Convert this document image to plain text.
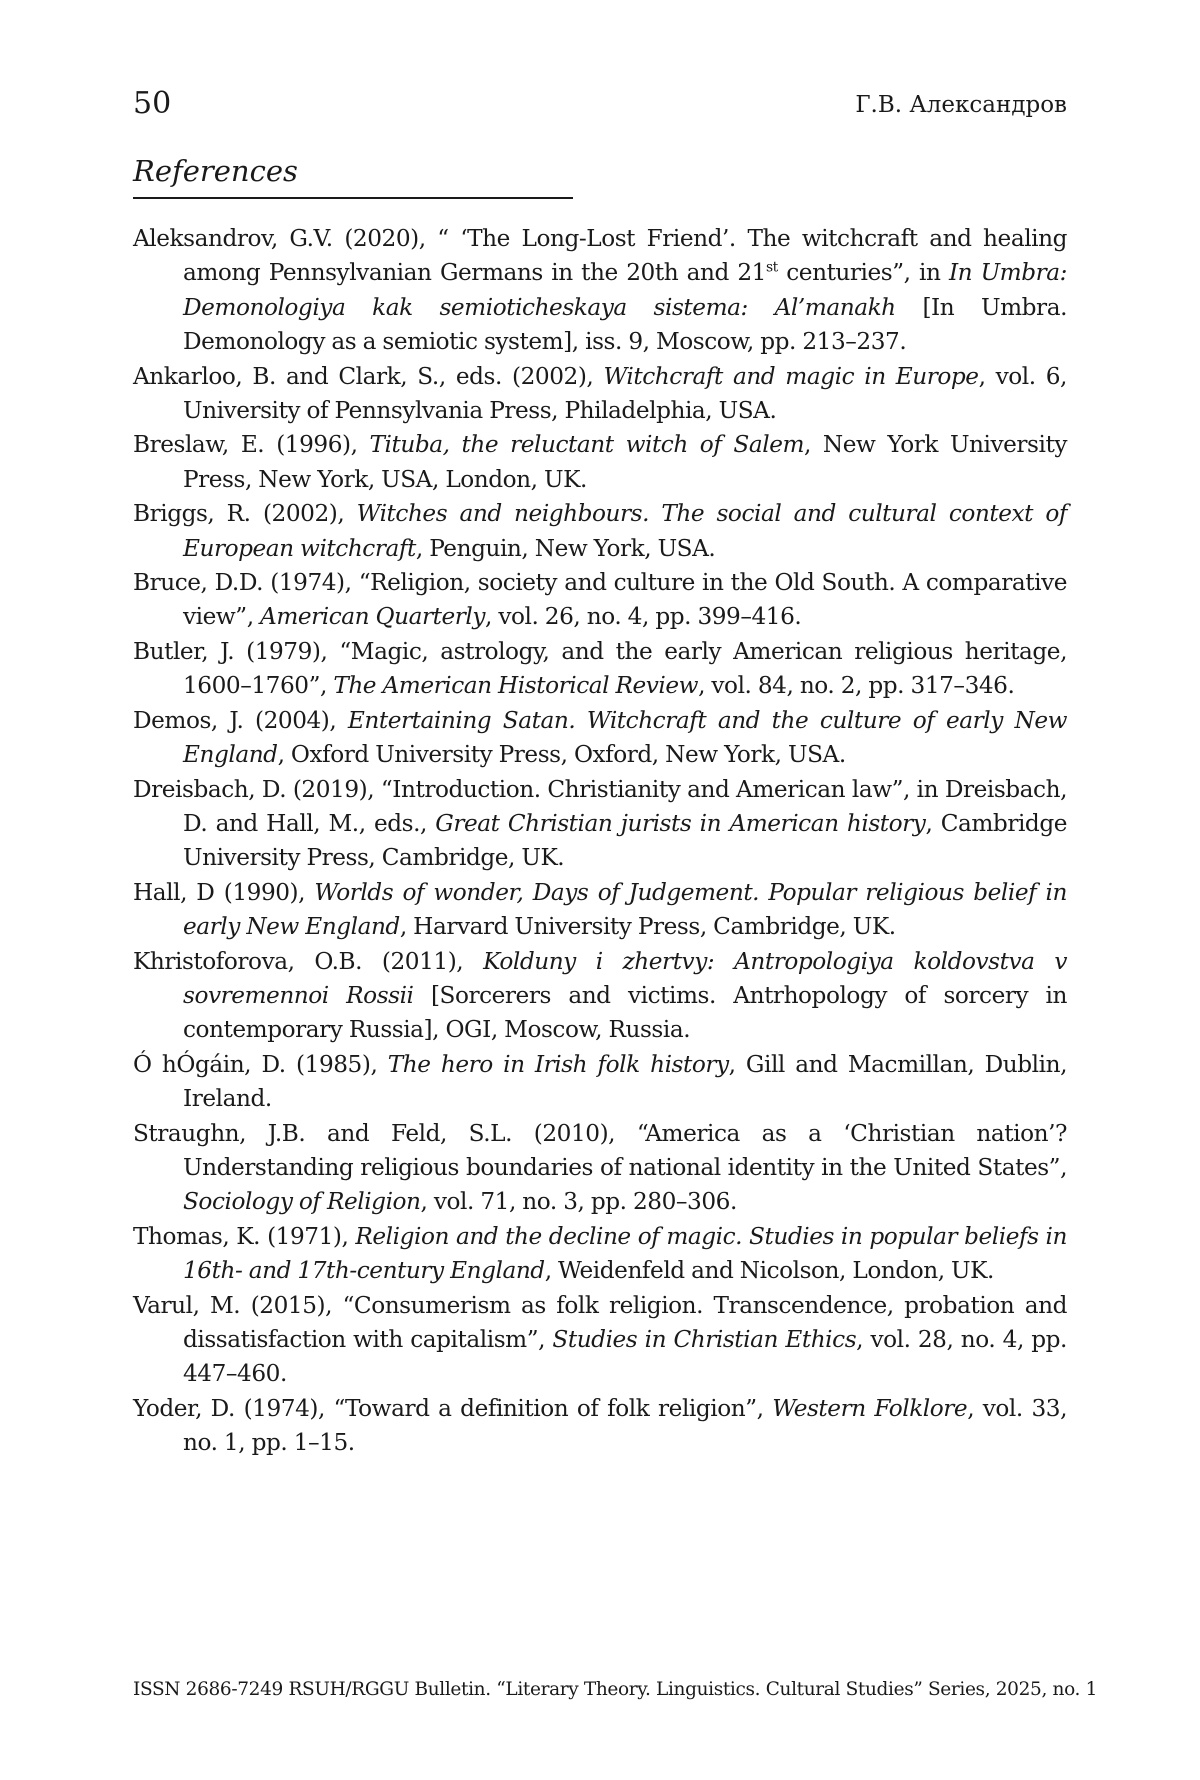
50	Г.В. Александров
References
Aleksandrov, G.V. (2020), “ ‘The Long-Lost Friend’. The witchcraft and healing among Pennsylvanian Germans in the 20th and 21st centuries”, in In Umbra: Demonologiya kak semioticheskaya sistema: Al’manakh [In Umbra. Demonology as a semiotic system], iss. 9, Moscow, pp. 213–237.
Ankarloo, B. and Clark, S., eds. (2002), Witchcraft and magic in Europe, vol. 6, University of Pennsylvania Press, Philadelphia, USA.
Breslaw, E. (1996), Tituba, the reluctant witch of Salem, New York University Press, New York, USA, London, UK.
Briggs, R. (2002), Witches and neighbours. The social and cultural context of European witchcraft, Penguin, New York, USA.
Bruce, D.D. (1974), “Religion, society and culture in the Old South. A comparative view”, American Quarterly, vol. 26, no. 4, pp. 399–416.
Butler, J. (1979), “Magic, astrology, and the early American religious heritage, 1600–1760”, The American Historical Review, vol. 84, no. 2, pp. 317–346.
Demos, J. (2004), Entertaining Satan. Witchcraft and the culture of early New England, Oxford University Press, Oxford, New York, USA.
Dreisbach, D. (2019), “Introduction. Christianity and American law”, in Dreisbach, D. and Hall, M., eds., Great Christian jurists in American history, Cambridge University Press, Cambridge, UK.
Hall, D (1990), Worlds of wonder, Days of Judgement. Popular religious belief in early New England, Harvard University Press, Cambridge, UK.
Khristoforova, O.B. (2011), Kolduny i zhertvy: Antropologiya koldovstva v sovremennoi Rossii [Sorcerers and victims. Antrhopology of sorcery in contemporary Russia], OGI, Moscow, Russia.
Ó hÓgáin, D. (1985), The hero in Irish folk history, Gill and Macmillan, Dublin, Ireland.
Straughn, J.B. and Feld, S.L. (2010), “America as a ‘Christian nation’? Understanding religious boundaries of national identity in the United States”, Sociology of Religion, vol. 71, no. 3, pp. 280–306.
Thomas, K. (1971), Religion and the decline of magic. Studies in popular beliefs in 16th- and 17th-century England, Weidenfeld and Nicolson, London, UK.
Varul, M. (2015), “Consumerism as folk religion. Transcendence, probation and dissatisfaction with capitalism”, Studies in Christian Ethics, vol. 28, no. 4, pp. 447–460.
Yoder, D. (1974), “Toward a definition of folk religion”, Western Folklore, vol. 33, no. 1, pp. 1–15.
ISSN 2686-7249 RSUH/RGGU Bulletin. “Literary Theory. Linguistics. Cultural Studies” Series, 2025, no. 1
